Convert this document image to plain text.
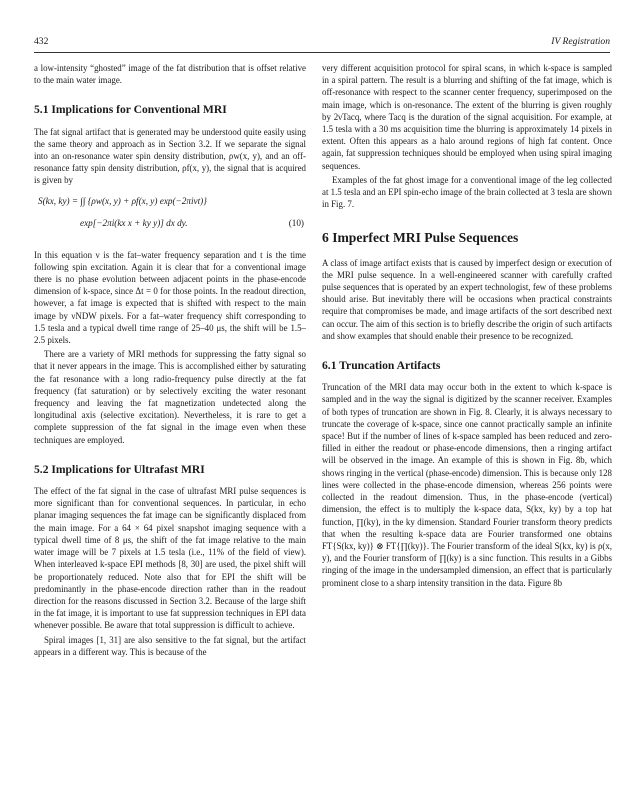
432	IV Registration

a low-intensity “ghosted” image of the fat distribution that is offset relative to the main water image.

5.1 Implications for Conventional MRI

The fat signal artifact that is generated may be understood quite easily using the same theory and approach as in Section 3.2. If we separate the signal into an on-resonance water spin density distribution, ρw(x, y), and an off-resonance fatty spin density distribution, ρf(x, y), the signal that is acquired is given by

S(kx, ky) = ∫∫ {ρw(x, y) + ρf(x, y) exp(−2πiνt)}
exp[−2πi(kx x + ky y)] dx dy.	(10)

In this equation ν is the fat–water frequency separation and t is the time following spin excitation. Again it is clear that for a conventional image there is no phase evolution between adjacent points in the phase-encode dimension of k-space, since Δt = 0 for those points. In the readout direction, however, a fat image is expected that is shifted with respect to the main image by νNDW pixels. For a fat–water frequency shift corresponding to 1.5 tesla and a typical dwell time range of 25–40 μs, the shift will be 1.5–2.5 pixels.

There are a variety of MRI methods for suppressing the fatty signal so that it never appears in the image. This is accomplished either by saturating the fat resonance with a long radio-frequency pulse directly at the fat frequency (fat saturation) or by selectively exciting the water resonant frequency and leaving the fat magnetization undetected along the longitudinal axis (selective excitation). Nevertheless, it is rare to get a complete suppression of the fat signal in the image even when these techniques are employed.

5.2 Implications for Ultrafast MRI

The effect of the fat signal in the case of ultrafast MRI pulse sequences is more significant than for conventional sequences. In particular, in echo planar imaging sequences the fat image can be significantly displaced from the main image. For a 64 × 64 pixel snapshot imaging sequence with a typical dwell time of 8 μs, the shift of the fat image relative to the main water image will be 7 pixels at 1.5 tesla (i.e., 11% of the field of view). When interleaved k-space EPI methods [8, 30] are used, the pixel shift will be proportionately reduced. Note also that for EPI the shift will be predominantly in the phase-encode direction rather than in the readout direction for the reasons discussed in Section 3.2. Because of the large shift in the fat image, it is important to use fat suppression techniques in EPI data whenever possible. Be aware that total suppression is difficult to achieve.

Spiral images [1, 31] are also sensitive to the fat signal, but the artifact appears in a different way. This is because of the

very different acquisition protocol for spiral scans, in which k-space is sampled in a spiral pattern. The result is a blurring and shifting of the fat image, which is off-resonance with respect to the scanner center frequency, superimposed on the main image, which is on-resonance. The extent of the blurring is given roughly by 2νTacq, where Tacq is the duration of the signal acquisition. For example, at 1.5 tesla with a 30 ms acquisition time the blurring is approximately 14 pixels in extent. Often this appears as a halo around regions of high fat content. Once again, fat suppression techniques should be employed when using spiral imaging sequences.

Examples of the fat ghost image for a conventional image of the leg collected at 1.5 tesla and an EPI spin-echo image of the brain collected at 3 tesla are shown in Fig. 7.

6 Imperfect MRI Pulse Sequences

A class of image artifact exists that is caused by imperfect design or execution of the MRI pulse sequence. In a well-engineered scanner with carefully crafted pulse sequences that is operated by an expert technologist, few of these problems should arise. But inevitably there will be occasions when practical constraints require that compromises be made, and image artifacts of the sort described next can occur. The aim of this section is to briefly describe the origin of such artifacts and show examples that should enable their presence to be recognized.

6.1 Truncation Artifacts

Truncation of the MRI data may occur both in the extent to which k-space is sampled and in the way the signal is digitized by the scanner receiver. Examples of both types of truncation are shown in Fig. 8. Clearly, it is always necessary to truncate the coverage of k-space, since one cannot practically sample an infinite space! But if the number of lines of k-space sampled has been reduced and zero-filled in either the readout or phase-encode dimensions, then a ringing artifact will be observed in the image. An example of this is shown in Fig. 8b, which shows ringing in the vertical (phase-encode) dimension. This is because only 128 lines were collected in the phase-encode dimension, whereas 256 points were collected in the readout dimension. Thus, in the phase-encode (vertical) dimension, the effect is to multiply the k-space data, S(kx, ky) by a top hat function, ∏(ky), in the ky dimension. Standard Fourier transform theory predicts that when the resulting k-space data are Fourier transformed one obtains FT{S(kx, ky)} ⊗ FT{∏(ky)}. The Fourier transform of the ideal S(kx, ky) is ρ(x, y), and the Fourier transform of ∏(ky) is a sinc function. This results in a Gibbs ringing of the image in the undersampled dimension, an effect that is particularly prominent close to a sharp intensity transition in the data. Figure 8b
